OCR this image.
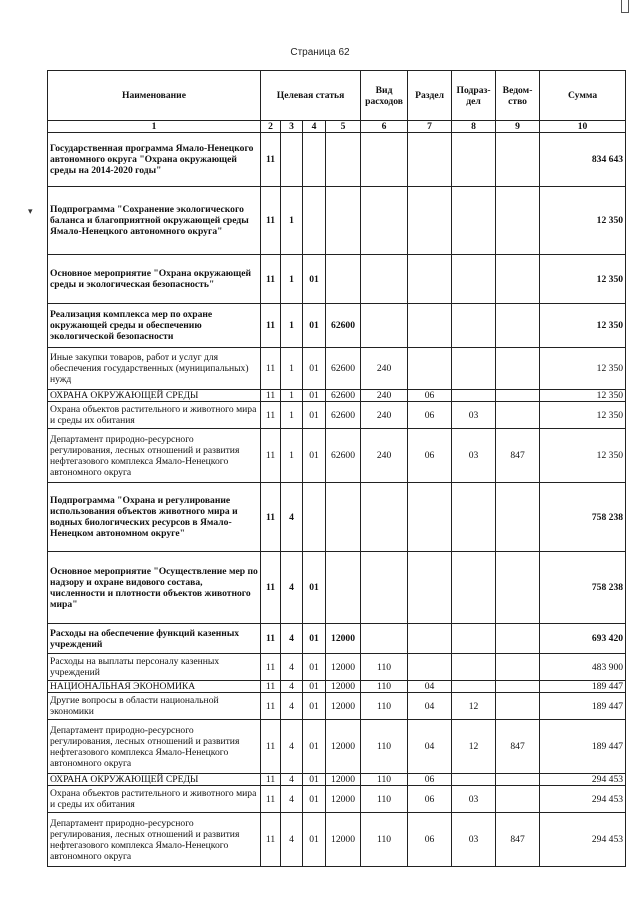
▾
Страница 62
Наименование	Целевая статья				Вид расходов	Раздел	Подраз-дел	Ведом-ство	Сумма
1	2	3	4	5	6	7	8	9	10
Государственная программа Ямало-Ненецкого автономного округа "Охрана окружающей среды на 2014-2020 годы"	11								834 643
Подпрограмма "Сохранение экологического баланса и благоприятной окружающей среды Ямало-Ненецкого автономного округа"	11	1							12 350
Основное мероприятие "Охрана окружающей среды и экологическая безопасность"	11	1	01						12 350
Реализация комплекса мер по охране окружающей среды и обеспечению экологической безопасности	11	1	01	62600					12 350
Иные закупки товаров, работ и услуг для обеспечения государственных (муниципальных) нужд	11	1	01	62600	240				12 350
ОХРАНА ОКРУЖАЮЩЕЙ СРЕДЫ	11	1	01	62600	240	06			12 350
Охрана объектов растительного и животного мира и среды их обитания	11	1	01	62600	240	06	03		12 350
Департамент природно-ресурсного регулирования, лесных отношений и развития нефтегазового комплекса Ямало-Ненецкого автономного округа	11	1	01	62600	240	06	03	847	12 350
Подпрограмма "Охрана и регулирование использования объектов животного мира и водных биологических ресурсов в Ямало-Ненецком автономном округе"	11	4							758 238
Основное мероприятие "Осуществление мер по надзору и охране видового состава, численности и плотности объектов животного мира"	11	4	01						758 238
Расходы на обеспечение функций казенных учреждений	11	4	01	12000					693 420
Расходы на выплаты персоналу казенных учреждений	11	4	01	12000	110				483 900
НАЦИОНАЛЬНАЯ ЭКОНОМИКА	11	4	01	12000	110	04			189 447
Другие вопросы в области национальной экономики	11	4	01	12000	110	04	12		189 447
Департамент природно-ресурсного регулирования, лесных отношений и развития нефтегазового комплекса Ямало-Ненецкого автономного округа	11	4	01	12000	110	04	12	847	189 447
ОХРАНА ОКРУЖАЮЩЕЙ СРЕДЫ	11	4	01	12000	110	06			294 453
Охрана объектов растительного и животного мира и среды их обитания	11	4	01	12000	110	06	03		294 453
Департамент природно-ресурсного регулирования, лесных отношений и развития нефтегазового комплекса Ямало-Ненецкого автономного округа	11	4	01	12000	110	06	03	847	294 453
